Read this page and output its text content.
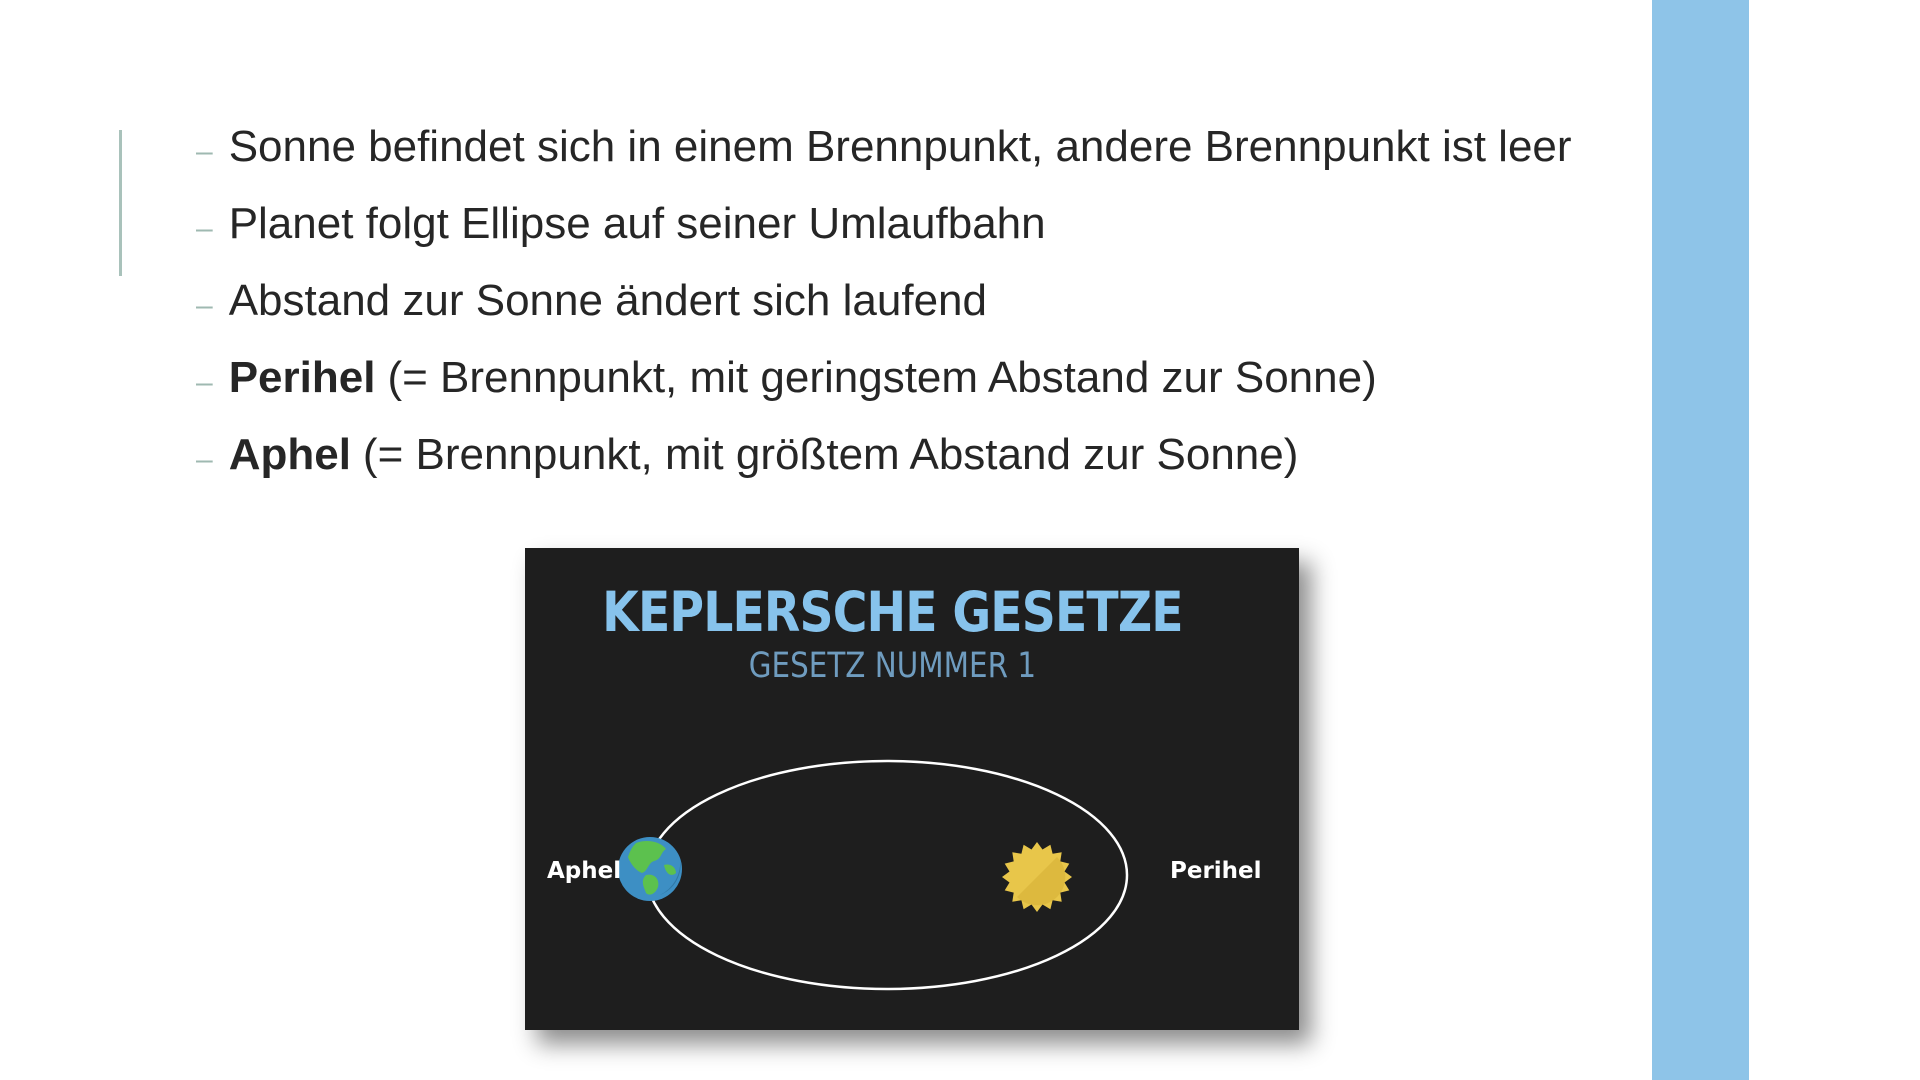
– Sonne befindet sich in einem Brennpunkt, andere Brennpunkt ist leer
– Planet folgt Ellipse auf seiner Umlaufbahn
– Abstand zur Sonne ändert sich laufend
– Perihel (= Brennpunkt, mit geringstem Abstand zur Sonne)
– Aphel (= Brennpunkt, mit größtem Abstand zur Sonne)
KEPLERSCHE GESETZE
GESETZ NUMMER 1
Aphel	Perihel
